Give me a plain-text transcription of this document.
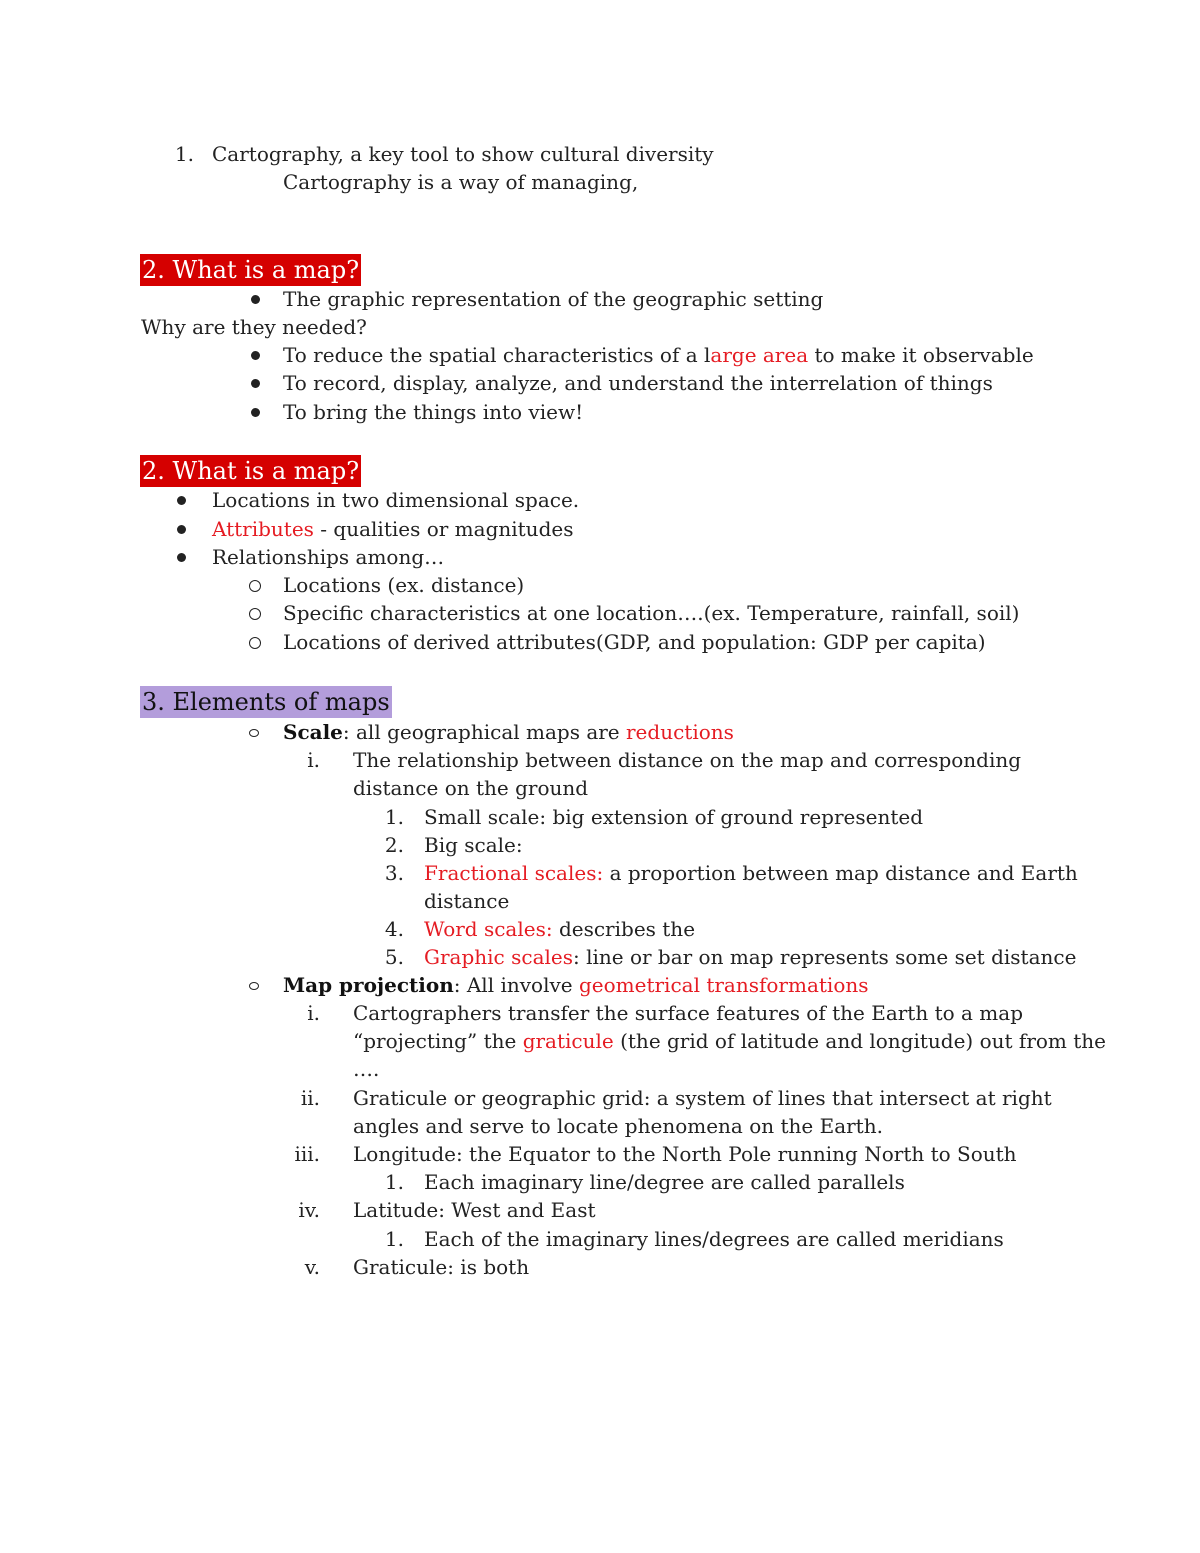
1. Cartography, a key tool to show cultural diversity
Cartography is a way of managing,
2. What is a map?
The graphic representation of the geographic setting
Why are they needed?
To reduce the spatial characteristics of a large area to make it observable
To record, display, analyze, and understand the interrelation of things
To bring the things into view!
2. What is a map?
Locations in two dimensional space.
Attributes - qualities or magnitudes
Relationships among…
Locations (ex. distance)
Specific characteristics at one location….(ex. Temperature, rainfall, soil)
Locations of derived attributes(GDP, and population: GDP per capita)
3. Elements of maps
Scale: all geographical maps are reductions
i. The relationship between distance on the map and corresponding
distance on the ground
1. Small scale: big extension of ground represented
2. Big scale:
3. Fractional scales: a proportion between map distance and Earth
distance
4. Word scales: describes the
5. Graphic scales: line or bar on map represents some set distance
Map projection: All involve geometrical transformations
i. Cartographers transfer the surface features of the Earth to a map
“projecting” the graticule (the grid of latitude and longitude) out from the
….
ii. Graticule or geographic grid: a system of lines that intersect at right
angles and serve to locate phenomena on the Earth.
iii. Longitude: the Equator to the North Pole running North to South
1. Each imaginary line/degree are called parallels
iv. Latitude: West and East
1. Each of the imaginary lines/degrees are called meridians
v. Graticule: is both
